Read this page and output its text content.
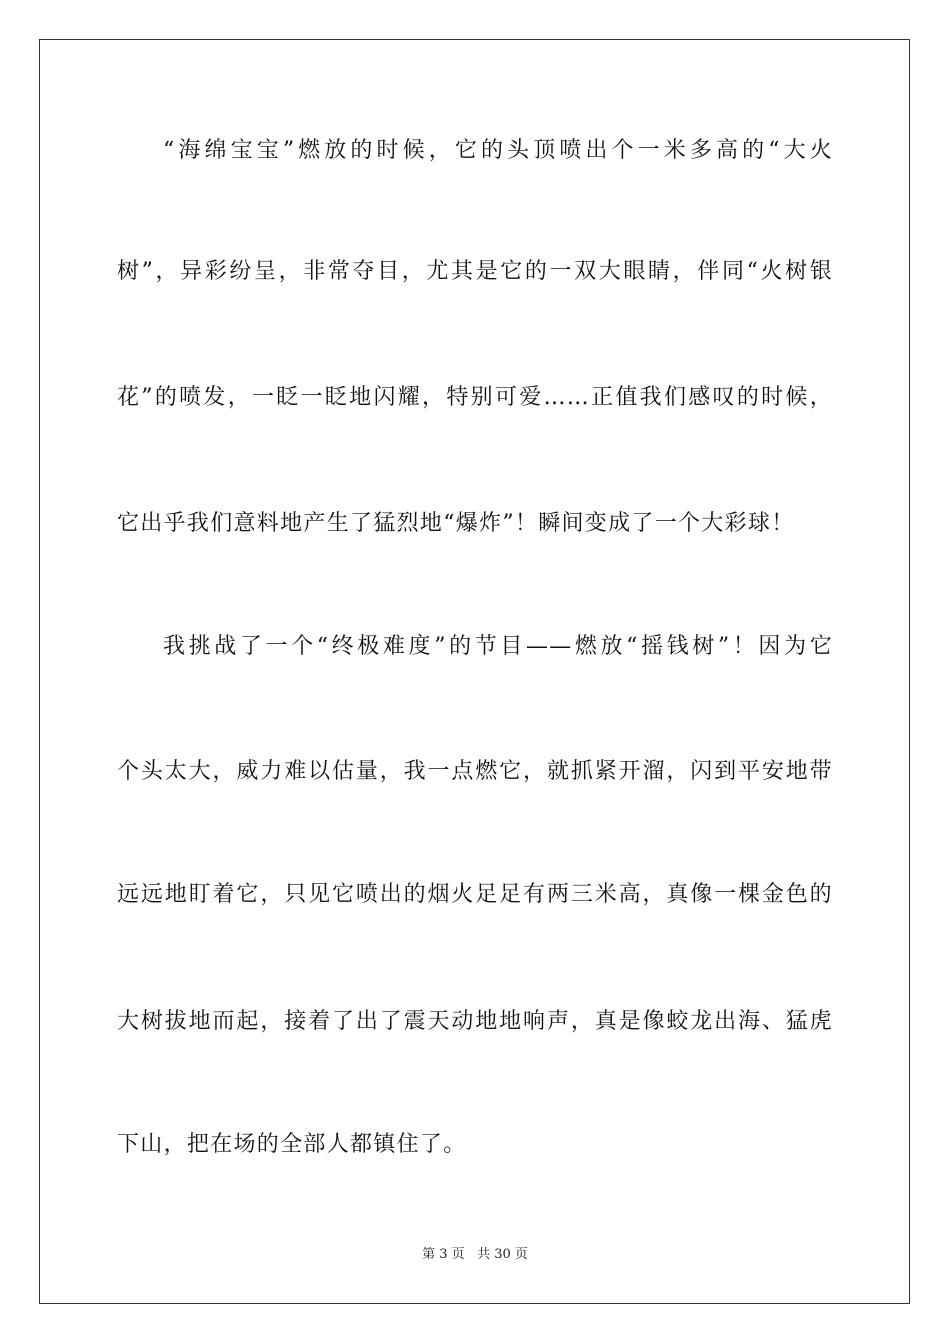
“海绵宝宝”燃放的时候，它的头顶喷出个一米多高的“大火
树”，异彩纷呈，非常夺目，尤其是它的一双大眼睛，伴同“火树银
花”的喷发，一眨一眨地闪耀，特别可爱……正值我们感叹的时候，
它出乎我们意料地产生了猛烈地“爆炸”！瞬间变成了一个大彩球！
我挑战了一个“终极难度”的节目——燃放“摇钱树”！因为它
个头太大，威力难以估量，我一点燃它，就抓紧开溜，闪到平安地带
远远地盯着它，只见它喷出的烟火足足有两三米高，真像一棵金色的
大树拔地而起，接着了出了震天动地地响声，真是像蛟龙出海、猛虎
下山，把在场的全部人都镇住了。
第 3 页 共 30 页
